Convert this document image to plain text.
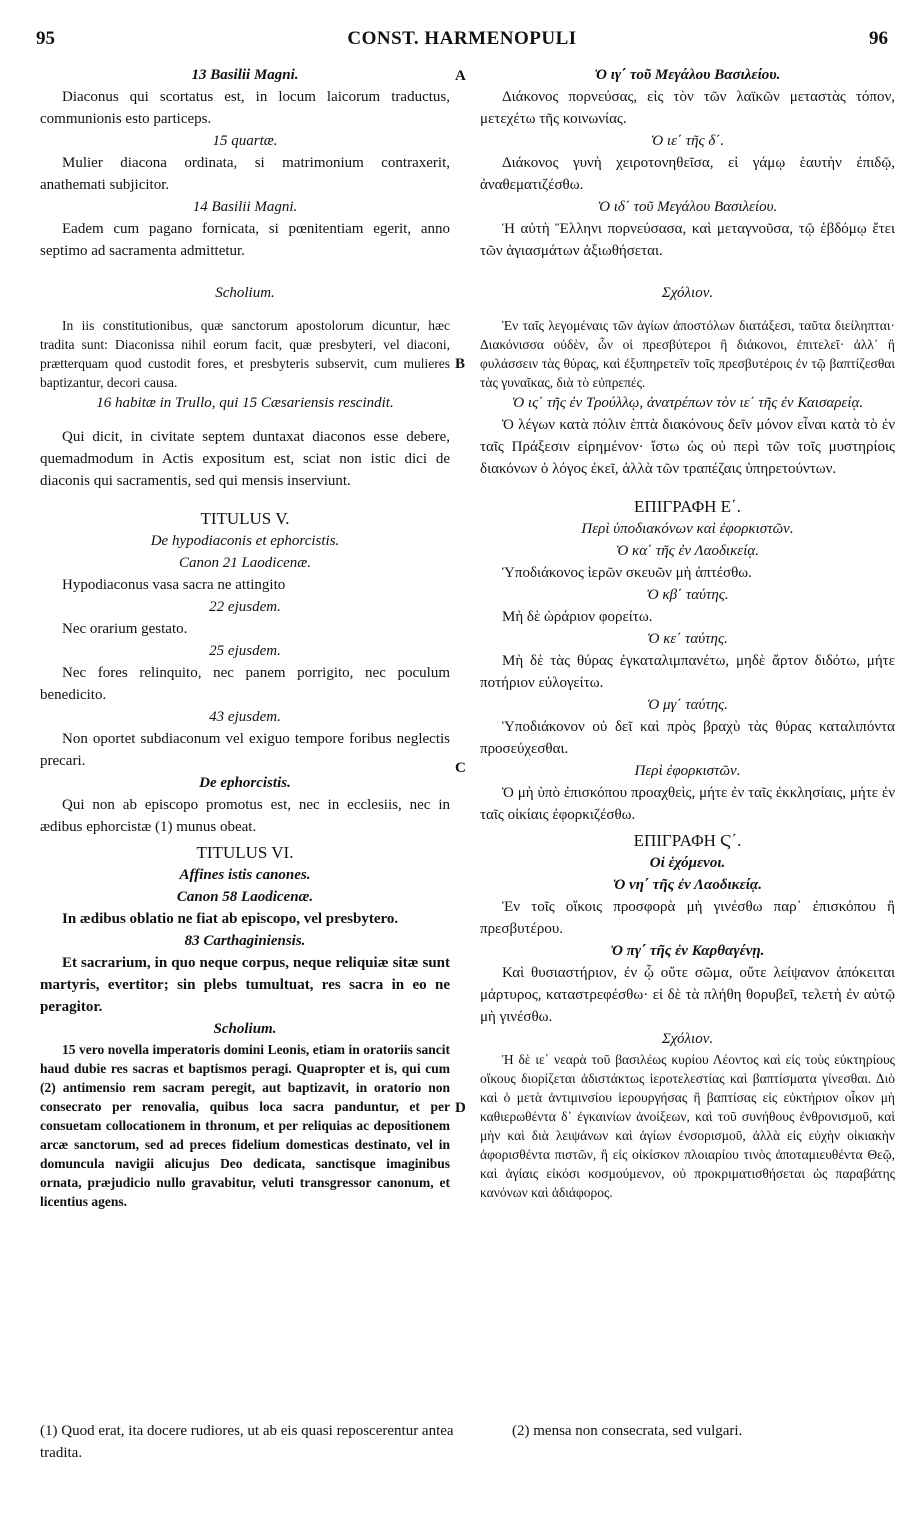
95	CONST. HARMENOPULI	96
A
B
C
D

13 Basilii Magni.

Diaconus qui scortatus est, in locum laicorum traductus, communionis esto particeps.

15 quartæ.

Mulier diacona ordinata, si matrimonium contraxerit, anathemati subjicitor.

14 Basilii Magni.

Eadem cum pagano fornicata, si pœnitentiam egerit, anno septimo ad sacramenta admittetur.

Scholium.

In iis constitutionibus, quæ sanctorum apostolorum dicuntur, hæc tradita sunt: Diaconissa nihil eorum facit, quæ presbyteri, vel diaconi, prætterquam quod custodit fores, et presbyteris subservit, cum mulieres baptizantur, decori causa.

16 habitæ in Trullo, qui 15 Cæsariensis rescindit.

Qui dicit, in civitate septem duntaxat diaconos esse debere, quemadmodum in Actis expositum est, sciat non istic dici de diaconis qui sacramentis, sed qui mensis inserviunt.

TITULUS V.

De hypodiaconis et ephorcistis.

Canon 21 Laodicenæ.

Hypodiaconus vasa sacra ne attingito

22 ejusdem.

Nec orarium gestato.

25 ejusdem.

Nec fores relinquito, nec panem porrigito, nec poculum benedicito.

43 ejusdem.

Non oportet subdiaconum vel exiguo tempore foribus neglectis precari.

De ephorcistis.

Qui non ab episcopo promotus est, nec in ecclesiis, nec in ædibus ephorcistæ (1) munus obeat.

TITULUS VI.

Affines istis canones.

Canon 58 Laodicenæ.

In ædibus oblatio ne fiat ab episcopo, vel presbytero.

83 Carthaginiensis.

Et sacrarium, in quo neque corpus, neque reliquiæ sitæ sunt martyris, evertitor; sin plebs tumultuat, res sacra in eo ne peragitor.

Scholium.

15 vero novella imperatoris domini Leonis, etiam in oratoriis sancit haud dubie res sacras et baptismos peragi. Quapropter et is, qui cum (2) antimensio rem sacram peregit, aut baptizavit, in oratorio non consecrato per renovalia, quibus loca sacra panduntur, et per consuetam collocationem in thronum, et per reliquias ac depositionem arcæ sanctorum, sed ad preces fidelium domesticas destinato, vel in domuncula navigii alicujus Deo dedicata, sanctisque imaginibus ornata, præjudicio nullo gravabitur, veluti transgressor canonum, et licentius agens.

Ὁ ιγ΄ τοῦ Μεγάλου Βασιλείου.

Διάκονος πορνεύσας, εἰς τὸν τῶν λαϊκῶν μεταστὰς τόπον, μετεχέτω τῆς κοινωνίας.

Ὁ ιε΄ τῆς δ΄.

Διάκονος γυνὴ χειροτονηθεῖσα, εἰ γάμῳ ἑαυτὴν ἐπιδῷ, ἀναθεματιζέσθω.

Ὁ ιδ΄ τοῦ Μεγάλου Βασιλείου.

Ἡ αὐτὴ Ἕλληνι πορνεύσασα, καὶ μεταγνοῦσα, τῷ ἑβδόμῳ ἔτει τῶν ἁγιασμάτων ἀξιωθήσεται.

Σχόλιον.

Ἐν ταῖς λεγομέναις τῶν ἁγίων ἀποστόλων διατάξεσι, ταῦτα διείληπται· Διακόνισσα οὐδὲν, ὧν οἱ πρεσβύτεροι ἢ διάκονοι, ἐπιτελεῖ· ἀλλ᾽ ἢ φυλάσσειν τὰς θύρας, καὶ ἐξυπηρετεῖν τοῖς πρεσβυτέροις ἐν τῷ βαπτίζεσθαι τὰς γυναῖκας, διὰ τὸ εὐπρεπές.

Ὁ ις΄ τῆς ἐν Τρούλλῳ, ἀνατρέπων τὸν ιε΄ τῆς ἐν Καισαρείᾳ.

Ὁ λέγων κατὰ πόλιν ἑπτὰ διακόνους δεῖν μόνον εἶναι κατὰ τὸ ἐν ταῖς Πράξεσιν εἰρημένον· ἴστω ὡς οὐ περὶ τῶν τοῖς μυστηρίοις διακόνων ὁ λόγος ἐκεῖ, ἀλλὰ τῶν τραπέζαις ὑπηρετούντων.

ΕΠΙΓΡΑΦΗ Ε΄.

Περὶ ὑποδιακόνων καὶ ἐφορκιστῶν.

Ὁ κα΄ τῆς ἐν Λαοδικείᾳ.

Ὑποδιάκονος ἱερῶν σκευῶν μὴ ἁπτέσθω.

Ὁ κβ΄ ταύτης.

Μὴ δὲ ὠράριον φορείτω.

Ὁ κε΄ ταύτης.

Μὴ δὲ τὰς θύρας ἐγκαταλιμπανέτω, μηδὲ ἄρτον διδότω, μήτε ποτήριον εὐλογείτω.

Ὁ μγ΄ ταύτης.

Ὑποδιάκονον οὐ δεῖ καὶ πρὸς βραχὺ τὰς θύρας καταλιπόντα προσεύχεσθαι.

Περὶ ἐφορκιστῶν.

Ὁ μὴ ὑπὸ ἐπισκόπου προαχθεὶς, μήτε ἐν ταῖς ἐκκλησίαις, μήτε ἐν ταῖς οἰκίαις ἐφορκιζέσθω.

ΕΠΙΓΡΑΦΗ Ϛ΄.

Οἱ ἑχόμενοι.

Ὁ νη΄ τῆς ἐν Λαοδικείᾳ.

Ἐν τοῖς οἴκοις προσφορὰ μὴ γινέσθω παρ᾽ ἐπισκόπου ἢ πρεσβυτέρου.

Ὁ πγ΄ τῆς ἐν Καρθαγένῃ.

Καὶ θυσιαστήριον, ἐν ᾧ οὔτε σῶμα, οὔτε λείψανον ἀπόκειται μάρτυρος, καταστρεφέσθω· εἰ δὲ τὰ πλήθη θορυβεῖ, τελετὴ ἐν αὐτῷ μὴ γινέσθω.

Σχόλιον.

Ἡ δὲ ιε΄ νεαρὰ τοῦ βασιλέως κυρίου Λέοντος καὶ εἰς τοὺς εὐκτηρίους οἴκους διορίζεται ἀδιστάκτως ἱεροτελεστίας καὶ βαπτίσματα γίνεσθαι. Διὸ καὶ ὁ μετὰ ἀντιμινσίου ἱερουργήσας ἢ βαπτίσας εἰς εὐκτήριον οἶκον μὴ καθιερωθέντα δ᾽ ἐγκαινίων ἀνοίξεων, καὶ τοῦ συνήθους ἐνθρονισμοῦ, καὶ μὴν καὶ διὰ λειψάνων καὶ ἁγίων ἐνσορισμοῦ, ἀλλὰ εἰς εὐχὴν οἰκιακὴν ἀφορισθέντα πιστῶν, ἢ εἰς οἰκίσκον πλοιαρίου τινὸς ἀποταμιευθέντα Θεῷ, καὶ ἁγίαις εἰκόσι κοσμούμενον, οὐ προκριματισθήσεται ὡς παραβάτης κανόνων καὶ ἀδιάφορος.

(1) Quod erat, ita docere rudiores, ut ab eis quasi reposcerentur antea tradita.
(2) mensa non consecrata, sed vulgari.
